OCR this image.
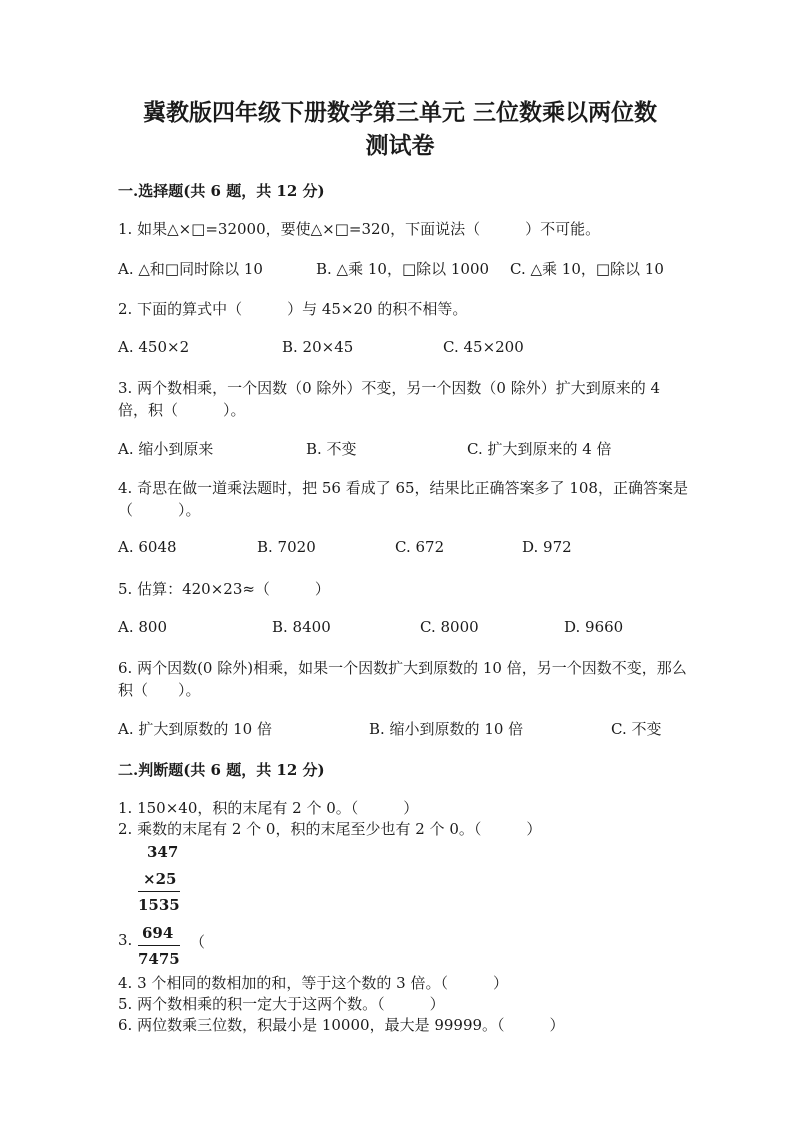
冀教版四年级下册数学第三单元 三位数乘以两位数
测试卷
一.选择题(共 6 题，共 12 分)
1. 如果△×□=32000，要使△×□=320，下面说法（　　　）不可能。
A. △和□同时除以 10	B. △乘 10，□除以 1000 C. △乘 10，□除以 10
2. 下面的算式中（　　　）与 45×20 的积不相等。
A. 450×2	B. 20×45	C. 45×200
3. 两个数相乘，一个因数（0 除外）不变，另一个因数（0 除外）扩大到原来的 4 倍，积（　　　）。
A. 缩小到原来	B. 不变	C. 扩大到原来的 4 倍
4. 奇思在做一道乘法题时，把 56 看成了 65，结果比正确答案多了 108，正确答案是（　　　）。
A. 6048	B. 7020	C. 672	D. 972
5. 估算：420×23≈（　　　）
A. 800	B. 8400	C. 8000	D. 9660
6. 两个因数(0 除外)相乘，如果一个因数扩大到原数的 10 倍，另一个因数不变，那么积（　　）。
A. 扩大到原数的 10 倍	B. 缩小到原数的 10 倍	C. 不变
二.判断题(共 6 题，共 12 分)
1. 150×40，积的末尾有 2 个 0。（　　　）
2. 乘数的末尾有 2 个 0，积的末尾至少也有 2 个 0。（　　　）
347
×25
1535
3. 694
7475
（
4. 3 个相同的数相加的和，等于这个数的 3 倍。（　　　）
5. 两个数相乘的积一定大于这两个数。（　　　）
6. 两位数乘三位数，积最小是 10000，最大是 99999。（　　　）
